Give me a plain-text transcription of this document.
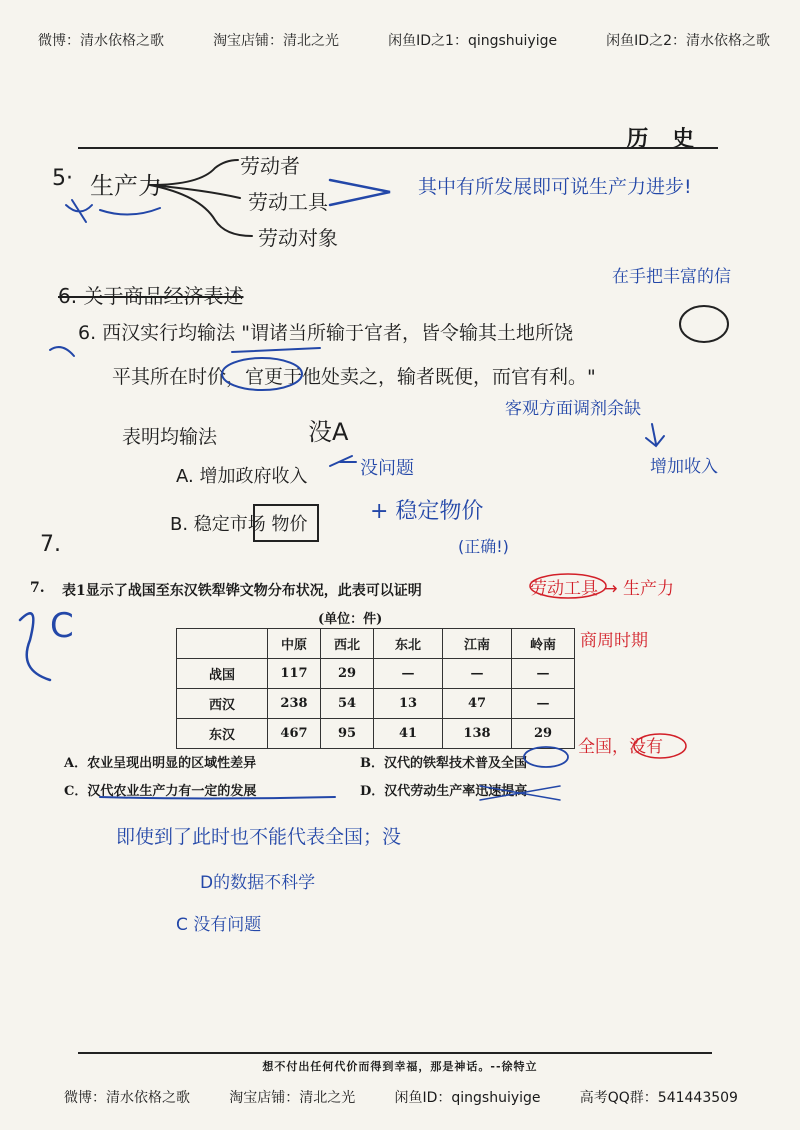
微博：清水依格之歌	淘宝店铺：清北之光	闲鱼ID之1：qingshuiyige	闲鱼ID之2：清水依格之歌
历 史
5· 生产力
劳动者
劳动工具
劳动对象
其中有所发展即可说生产力进步!
6. 关于商品经济表述
在手把丰富的信
6. 西汉实行均输法 "谓诸当所输于官者，皆令输其土地所饶
平其所在时价，官更于他处卖之，输者既便，而官有利。"
客观方面调剂余缺
表明均输法	没A
增加收入
A. 增加政府收入	没问题
B. 稳定市场 物价
+ 稳定物价
(正确!)
7.
7. 表1显示了战国至东汉铁犁铧文物分布状况，此表可以证明
(单位：件)
	中原	西北	东北	江南	岭南
战国	117	29	—	—	—
西汉	238	54	13	47	—
东汉	467	95	41	138	29
A．农业呈现出明显的区域性差异	B．汉代的铁犁技术普及全国
C．汉代农业生产力有一定的发展	D．汉代劳动生产率迅速提高
C
劳动工具 → 生产力
商周时期
全国，没有
即使到了此时也不能代表全国；没
D的数据不科学
C 没有问题
想不付出任何代价而得到幸福，那是神话。--徐特立
微博：清水依格之歌	淘宝店铺：清北之光	闲鱼ID：qingshuiyige	高考QQ群：541443509
